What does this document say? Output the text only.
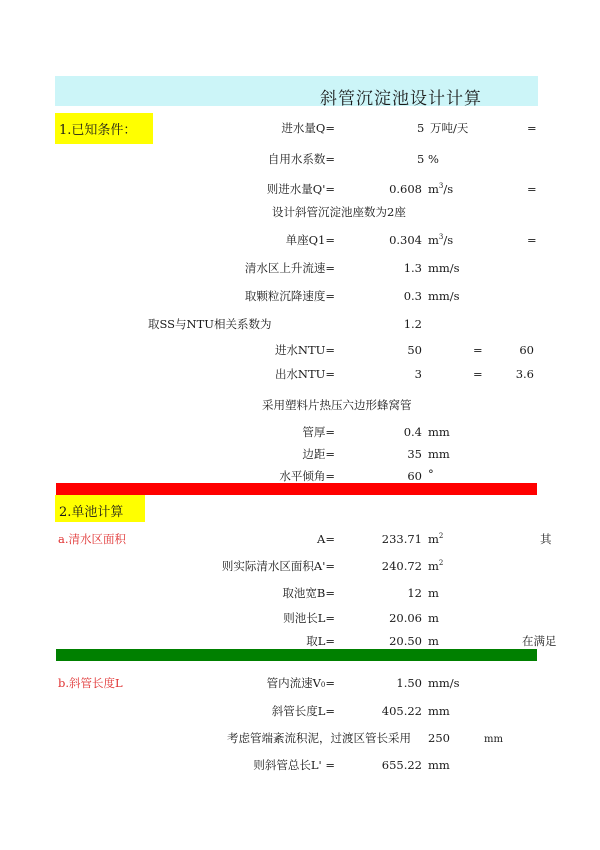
斜管沉淀池设计计算
1.已知条件：	进水量Q=	5 万吨/天	=
自用水系数=	5 %
则进水量Q'=	0.608 $m^3/s$	=
设计斜管沉淀池座数为2座
单座Q1=	0.304 $m^3/s$	=
清水区上升流速=	1.3 mm/s
取颗粒沉降速度=	0.3 mm/s
取SS与NTU相关系数为	1.2
进水NTU=	50	=	60
出水NTU=	3	=	3.6
采用塑料片热压六边形蜂窝管
管厚=	0.4 mm
边距=	35 mm
水平倾角=	60 °
2.单池计算
a.清水区面积	A=	233.71 $m^2$	其
则实际清水区面积A'=	240.72 $m^2$
取池宽B=	12 m
则池长L=	20.06 m
取L=	20.50 m	在满足
b.斜管长度L	管内流速V0=	1.50 mm/s
斜管长度L=	405.22 mm
考虑管端紊流积泥，过渡区管长采用 250	mm
则斜管总长L' =	655.22 mm
